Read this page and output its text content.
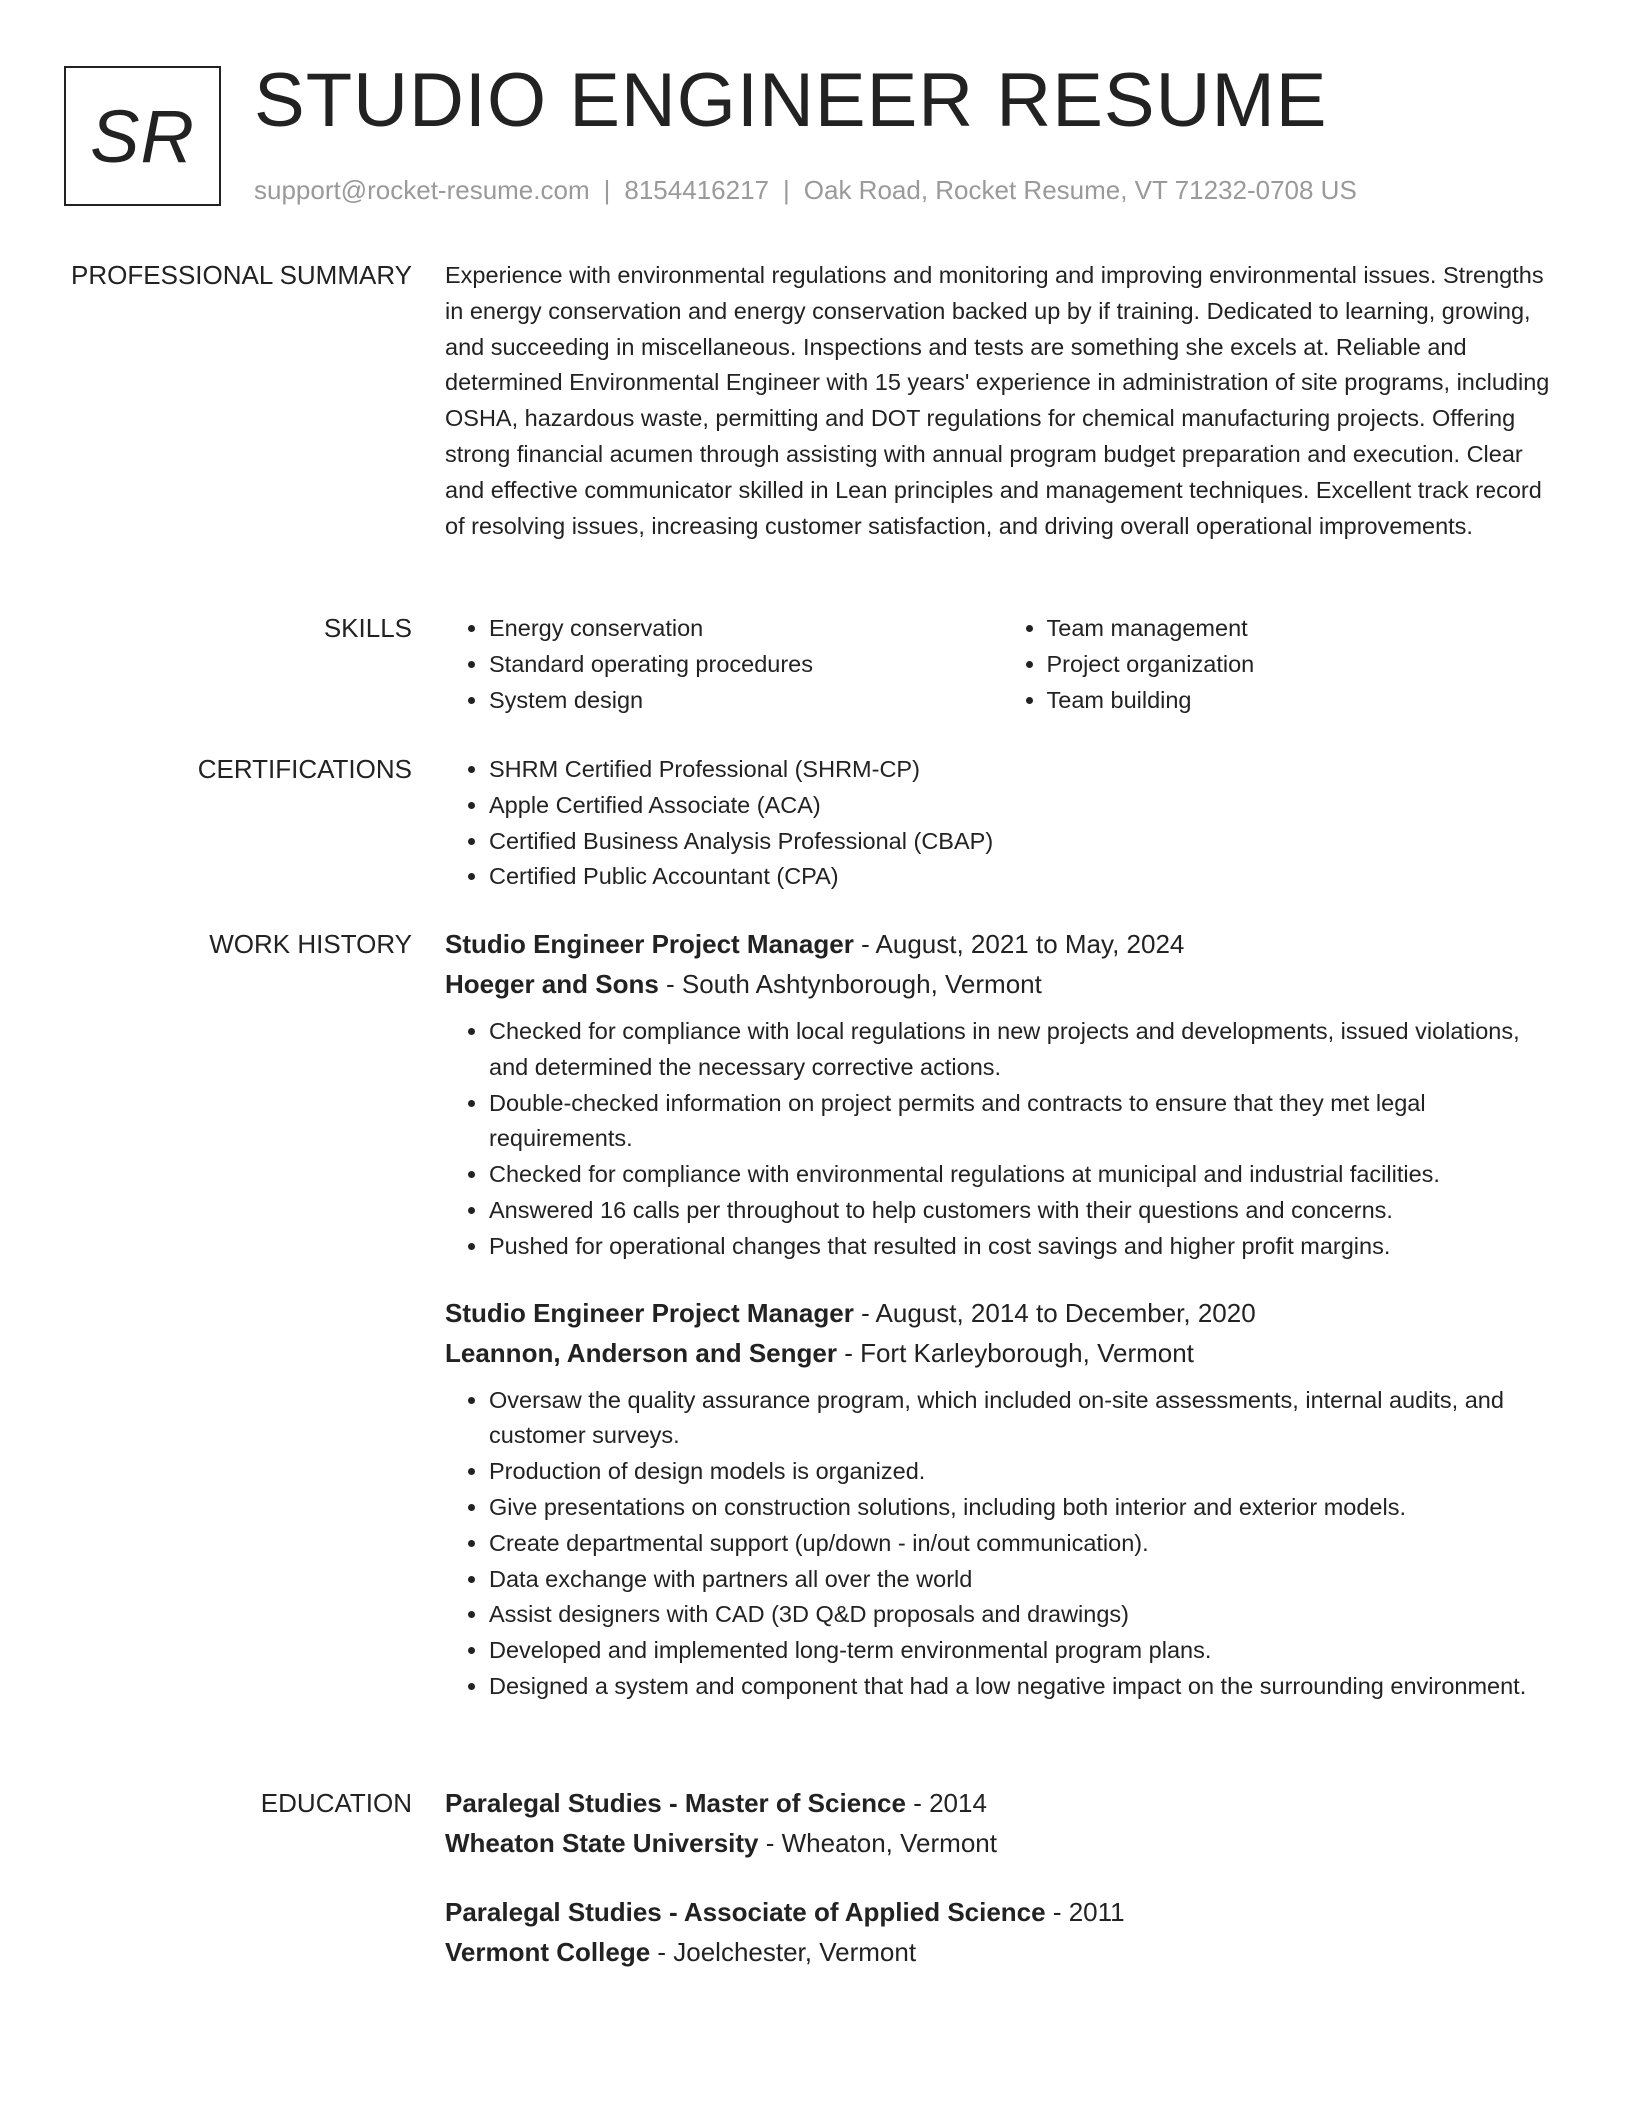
SR STUDIO ENGINEER RESUME
support@rocket-resume.com | 8154416217 | Oak Road, Rocket Resume, VT 71232-0708 US
PROFESSIONAL SUMMARY Experience with environmental regulations and monitoring and improving environmental issues. Strengths in energy conservation and energy conservation backed up by if training. Dedicated to learning, growing, and succeeding in miscellaneous. Inspections and tests are something she excels at. Reliable and determined Environmental Engineer with 15 years' experience in administration of site programs, including OSHA, hazardous waste, permitting and DOT regulations for chemical manufacturing projects. Offering strong financial acumen through assisting with annual program budget preparation and execution. Clear and effective communicator skilled in Lean principles and management techniques. Excellent track record of resolving issues, increasing customer satisfaction, and driving overall operational improvements.

SKILLS	• Energy conservation
• Standard operating procedures
• System design
• Team management
• Project organization
• Team building
CERTIFICATIONS	• SHRM Certified Professional (SHRM-CP)
• Apple Certified Associate (ACA)
• Certified Business Analysis Professional (CBAP)
• Certified Public Accountant (CPA)
WORK HISTORY Studio Engineer Project Manager - August, 2021 to May, 2024
Hoeger and Sons - South Ashtynborough, Vermont
• Checked for compliance with local regulations in new projects and developments, issued violations, and determined the necessary corrective actions.
• Double-checked information on project permits and contracts to ensure that they met legal requirements.
• Checked for compliance with environmental regulations at municipal and industrial facilities.
• Answered 16 calls per throughout to help customers with their questions and concerns.
• Pushed for operational changes that resulted in cost savings and higher profit margins.
Studio Engineer Project Manager - August, 2014 to December, 2020
Leannon, Anderson and Senger - Fort Karleyborough, Vermont
• Oversaw the quality assurance program, which included on-site assessments, internal audits, and customer surveys.
• Production of design models is organized.
• Give presentations on construction solutions, including both interior and exterior models.
• Create departmental support (up/down - in/out communication).
• Data exchange with partners all over the world
• Assist designers with CAD (3D Q&D proposals and drawings)
• Developed and implemented long-term environmental program plans.
• Designed a system and component that had a low negative impact on the surrounding environment.
EDUCATION Paralegal Studies - Master of Science - 2014
Wheaton State University - Wheaton, Vermont
Paralegal Studies - Associate of Applied Science - 2011
Vermont College - Joelchester, Vermont
